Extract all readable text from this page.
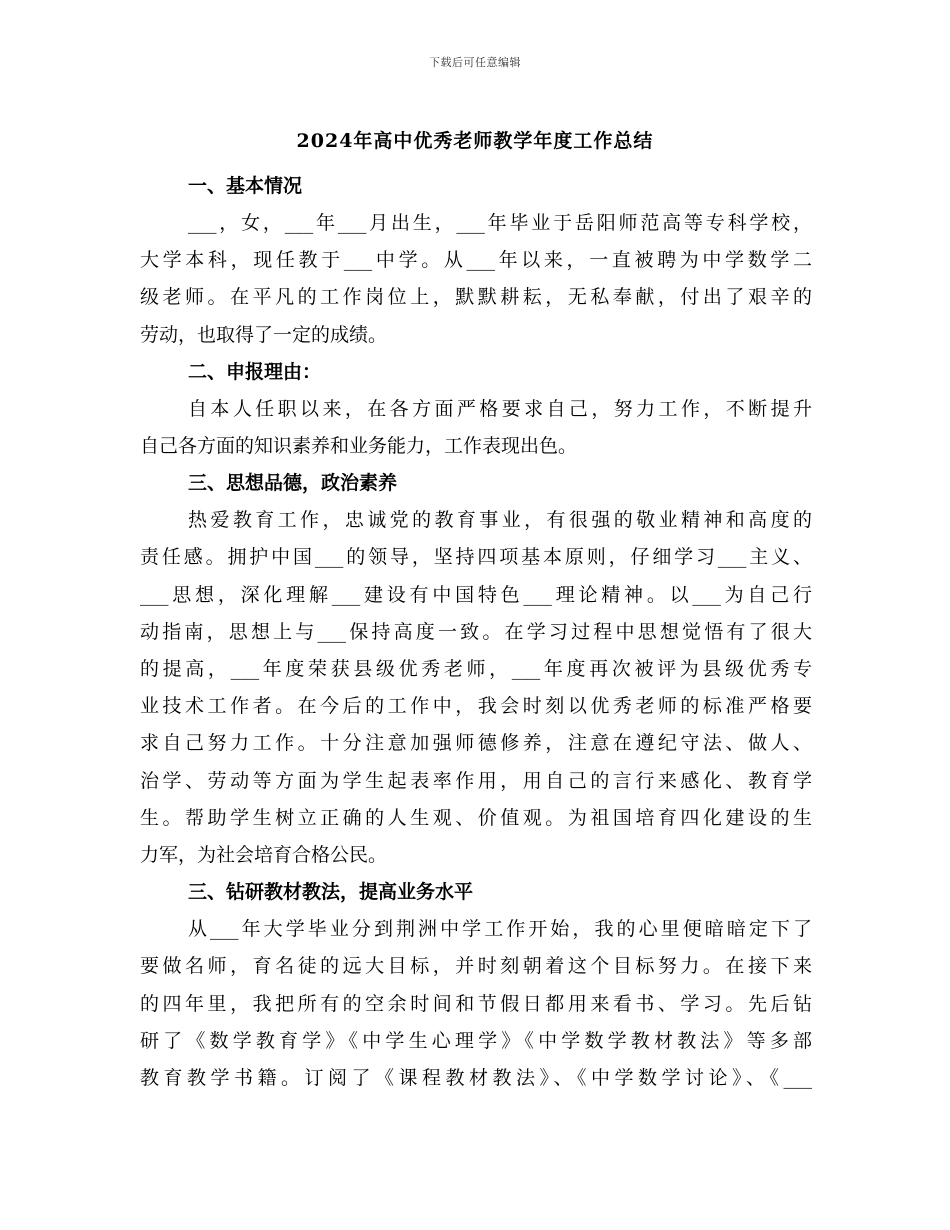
下载后可任意编辑
2024年高中优秀老师教学年度工作总结
一、基本情况
___，女，___年___月出生，___年毕业于岳阳师范高等专科学校，
大学本科，现任教于___中学。从___年以来，一直被聘为中学数学二
级老师。在平凡的工作岗位上，默默耕耘，无私奉献，付出了艰辛的
劳动，也取得了一定的成绩。
二、申报理由：
自本人任职以来，在各方面严格要求自己，努力工作，不断提升
自己各方面的知识素养和业务能力，工作表现出色。
三、思想品德，政治素养
热爱教育工作，忠诚党的教育事业，有很强的敬业精神和高度的
责任感。拥护中国___的领导，坚持四项基本原则，仔细学习___主义、
___思想，深化理解___建设有中国特色___理论精神。以___为自己行
动指南，思想上与___保持高度一致。在学习过程中思想觉悟有了很大
的提高，___年度荣获县级优秀老师，___年度再次被评为县级优秀专
业技术工作者。在今后的工作中，我会时刻以优秀老师的标准严格要
求自己努力工作。十分注意加强师德修养，注意在遵纪守法、做人、
治学、劳动等方面为学生起表率作用，用自己的言行来感化、教育学
生。帮助学生树立正确的人生观、价值观。为祖国培育四化建设的生
力军，为社会培育合格公民。
三、钻研教材教法，提高业务水平
从___年大学毕业分到荆洲中学工作开始，我的心里便暗暗定下了
要做名师，育名徒的远大目标，并时刻朝着这个目标努力。在接下来
的四年里，我把所有的空余时间和节假日都用来看书、学习。先后钻
研了《数学教育学》《中学生心理学》《中学数学教材教法》等多部
教育教学书籍。订阅了《课程教材教法》、《中学数学讨论》、《___
